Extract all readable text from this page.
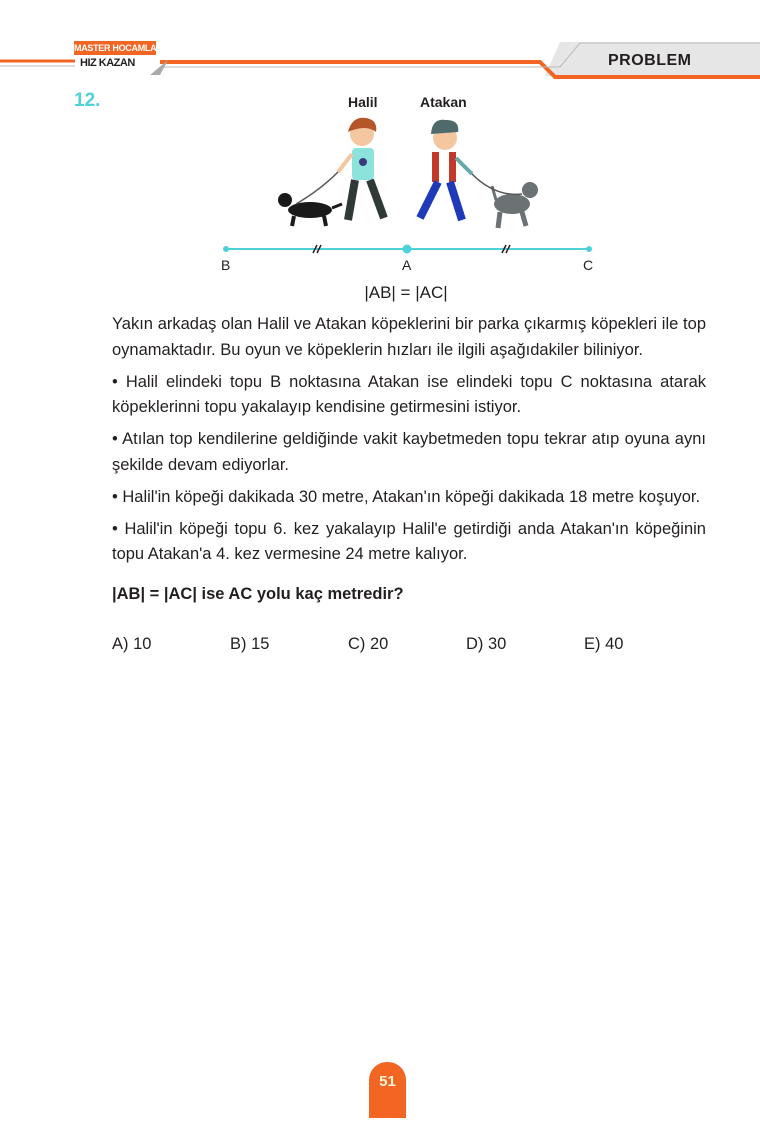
MASTER HOCAMLA
HIZ KAZAN	PROBLEM
12.	Halil	Atakan
B	A	C
|AB| = |AC|
Yakın arkadaş olan Halil ve Atakan köpeklerini bir parka çıkarmış köpekleri ile top oynamaktadır. Bu oyun ve köpeklerin hızları ile ilgili aşağıdakiler biliniyor.
• Halil elindeki topu B noktasına Atakan ise elindeki topu C noktasına atarak köpeklerinni topu yakalayıp kendisine getirmesini istiyor.
• Atılan top kendilerine geldiğinde vakit kaybetmeden topu tekrar atıp oyuna aynı şekilde devam ediyorlar.
• Halil'in köpeği dakikada 30 metre, Atakan'ın köpeği dakikada 18 metre koşuyor.
• Halil'in köpeği topu 6. kez yakalayıp Halil'e getirdiği anda Atakan'ın köpeğinin topu Atakan'a 4. kez vermesine 24 metre kalıyor.
|AB| = |AC| ise AC yolu kaç metredir?
A) 10	B) 15	C) 20	D) 30	E) 40
51
